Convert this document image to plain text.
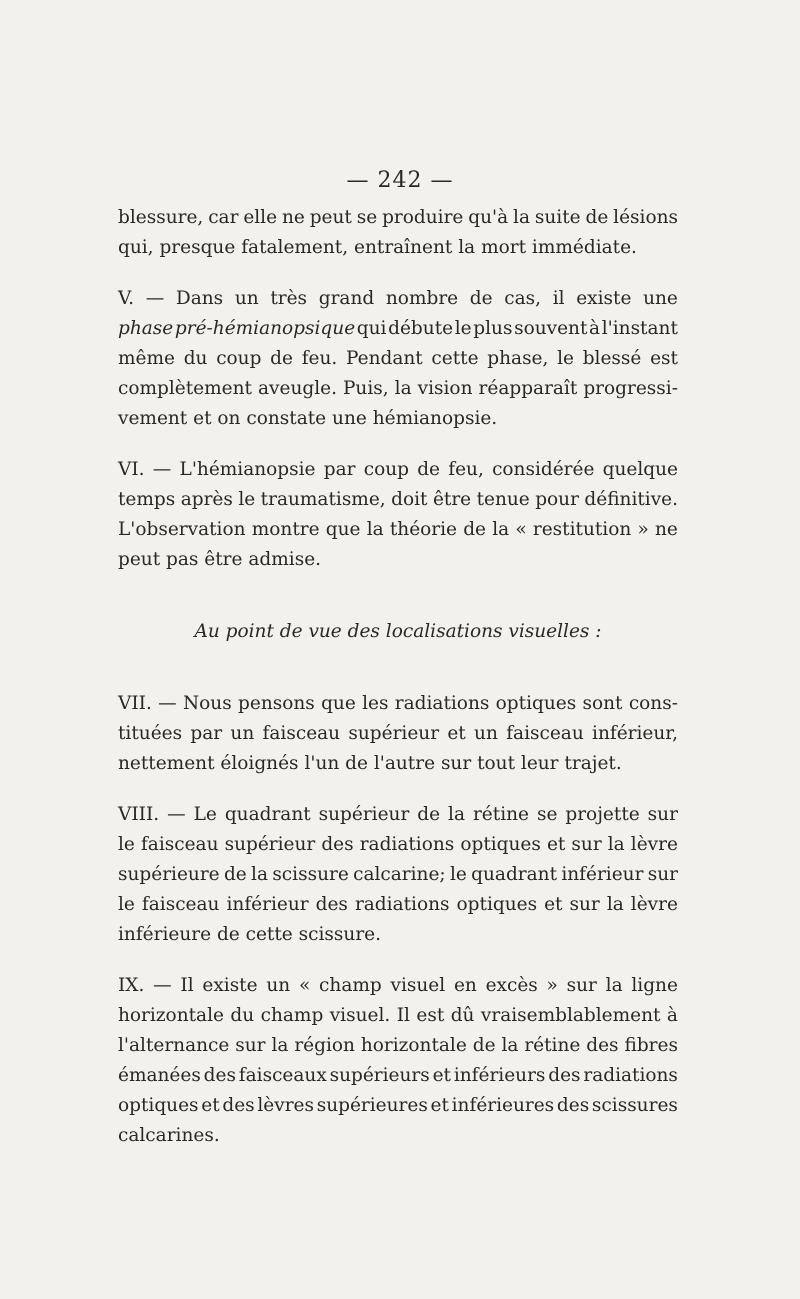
— 242 —
blessure, car elle ne peut se produire qu'à la suite de lésions
qui,
presque
fatalement,
entraînent
la
mort
immédiate.
V. — Dans un très grand nombre de cas, il existe une
phase pré-hémianopsique qui débute le plus souvent à l'instant
même du coup de feu. Pendant cette phase, le blessé est
complètement aveugle. Puis, la vision réapparaît progressi-
vement
et
on
constate
une
hémianopsie.
VI. — L'hémianopsie par coup de feu, considérée quelque
temps après le traumatisme, doit être tenue pour définitive.
L'observation montre que la théorie de la « restitution » ne
peut
pas
être
admise.
Au point de vue des localisations visuelles :
VII. — Nous pensons que les radiations optiques sont cons-
tituées par un faisceau supérieur et un faisceau inférieur,
nettement
éloignés
l'un
de
l'autre
sur
tout
leur
trajet.
VIII. — Le quadrant supérieur de la rétine se projette sur
le faisceau supérieur des radiations optiques et sur la lèvre
supérieure de la scissure calcarine; le quadrant inférieur sur
le faisceau inférieur des radiations optiques et sur la lèvre
inférieure
de
cette
scissure.
IX. — Il existe un « champ visuel en excès » sur la ligne
horizontale du champ visuel. Il est dû vraisemblablement à
l'alternance sur la région horizontale de la rétine des fibres
émanées des faisceaux supérieurs et inférieurs des radiations
optiques et des lèvres supérieures et inférieures des scissures
calcarines.
